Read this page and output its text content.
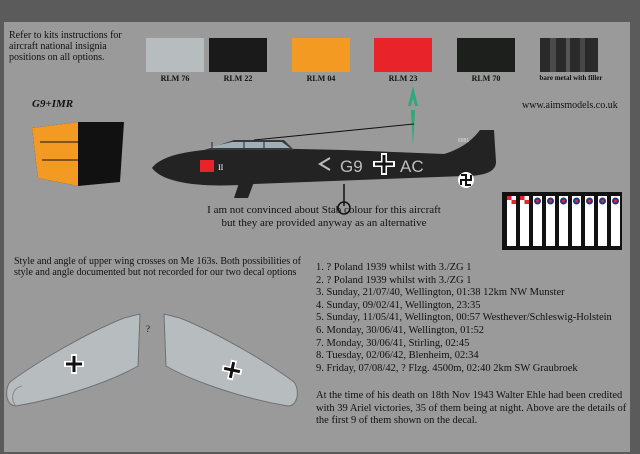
Refer to kits instructions for aircraft national insignia positions on all options.
RLM 76	RLM 22	RLM 04	RLM 23	RLM 70	bare metal with filler
G9+IMR	www.aimsmodels.co.uk
II	G9 AC
6881
I am not convinced about Stab colour for this aircraft but they are provided anyway as an alternative
Style and angle of upper wing crosses on Me 163s. Both possibilities of style and angle documented but not recorded for our two decal options
?
1. ? Poland 1939 whilst with 3./ZG 1
2. ? Poland 1939 whilst with 3./ZG 1
3. Sunday, 21/07/40, Wellington, 01:38 12km NW Munster
4. Sunday, 09/02/41, Wellington, 23:35
5. Sunday, 11/05/41, Wellington, 00:57 Westhever/Schleswig-Holstein
6. Monday, 30/06/41, Wellington, 01:52
7. Monday, 30/06/41, Stirling, 02:45
8. Tuesday, 02/06/42, Blenheim, 02:34
9. Friday, 07/08/42, ? Flzg. 4500m, 02:40 2km SW Graubroek
At the time of his death on 18th Nov 1943 Walter Ehle had been credited with 39 Ariel victories, 35 of them being at night. Above are the details of the first 9 of them shown on the decal.
